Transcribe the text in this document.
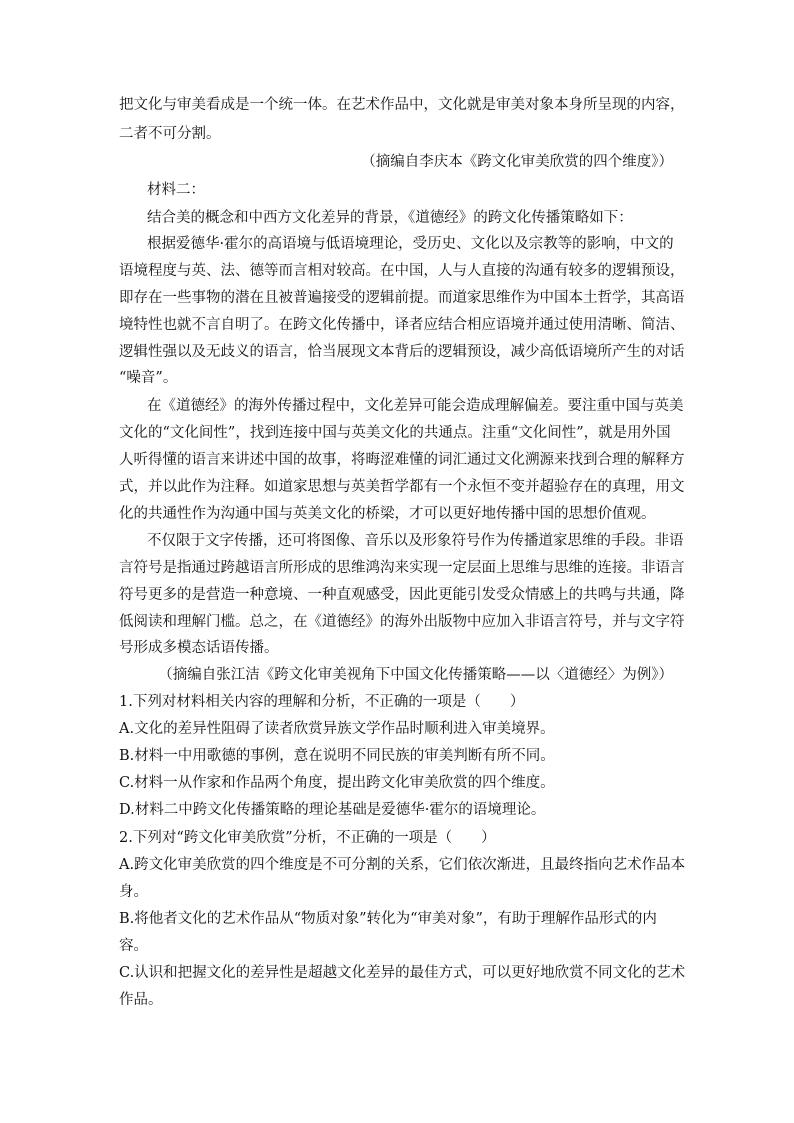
把文化与审美看成是一个统一体。在艺术作品中，文化就是审美对象本身所呈现的内容，
二者不可分割。
（摘编自李庆本《跨文化审美欣赏的四个维度》）
材料二：
结合美的概念和中西方文化差异的背景，《道德经》的跨文化传播策略如下：
根据爱德华·霍尔的高语境与低语境理论，受历史、文化以及宗教等的影响，中文的
语境程度与英、法、德等而言相对较高。在中国，人与人直接的沟通有较多的逻辑预设，
即存在一些事物的潜在且被普遍接受的逻辑前提。而道家思维作为中国本土哲学，其高语
境特性也就不言自明了。在跨文化传播中，译者应结合相应语境并通过使用清晰、简洁、
逻辑性强以及无歧义的语言，恰当展现文本背后的逻辑预设，减少高低语境所产生的对话
“噪音”。
在《道德经》的海外传播过程中，文化差异可能会造成理解偏差。要注重中国与英美
文化的“文化间性”，找到连接中国与英美文化的共通点。注重“文化间性”，就是用外国
人听得懂的语言来讲述中国的故事，将晦涩难懂的词汇通过文化溯源来找到合理的解释方
式，并以此作为注释。如道家思想与英美哲学都有一个永恒不变并超验存在的真理，用文
化的共通性作为沟通中国与英美文化的桥梁，才可以更好地传播中国的思想价值观。
不仅限于文字传播，还可将图像、音乐以及形象符号作为传播道家思维的手段。非语
言符号是指通过跨越语言所形成的思维鸿沟来实现一定层面上思维与思维的连接。非语言
符号更多的是营造一种意境、一种直观感受，因此更能引发受众情感上的共鸣与共通，降
低阅读和理解门槛。总之，在《道德经》的海外出版物中应加入非语言符号，并与文字符
号形成多模态话语传播。
（摘编自张江洁《跨文化审美视角下中国文化传播策略——以〈道德经〉为例》）
1.下列对材料相关内容的理解和分析，不正确的一项是（　　）
A.文化的差异性阻碍了读者欣赏异族文学作品时顺利进入审美境界。
B.材料一中用歌德的事例，意在说明不同民族的审美判断有所不同。
C.材料一从作家和作品两个角度，提出跨文化审美欣赏的四个维度。
D.材料二中跨文化传播策略的理论基础是爱德华·霍尔的语境理论。
2.下列对“跨文化审美欣赏”分析，不正确的一项是（　　）
A.跨文化审美欣赏的四个维度是不可分割的关系，它们依次渐进，且最终指向艺术作品本
身。
B.将他者文化的艺术作品从“物质对象”转化为“审美对象”，有助于理解作品形式的内
容。
C.认识和把握文化的差异性是超越文化差异的最佳方式，可以更好地欣赏不同文化的艺术
作品。
